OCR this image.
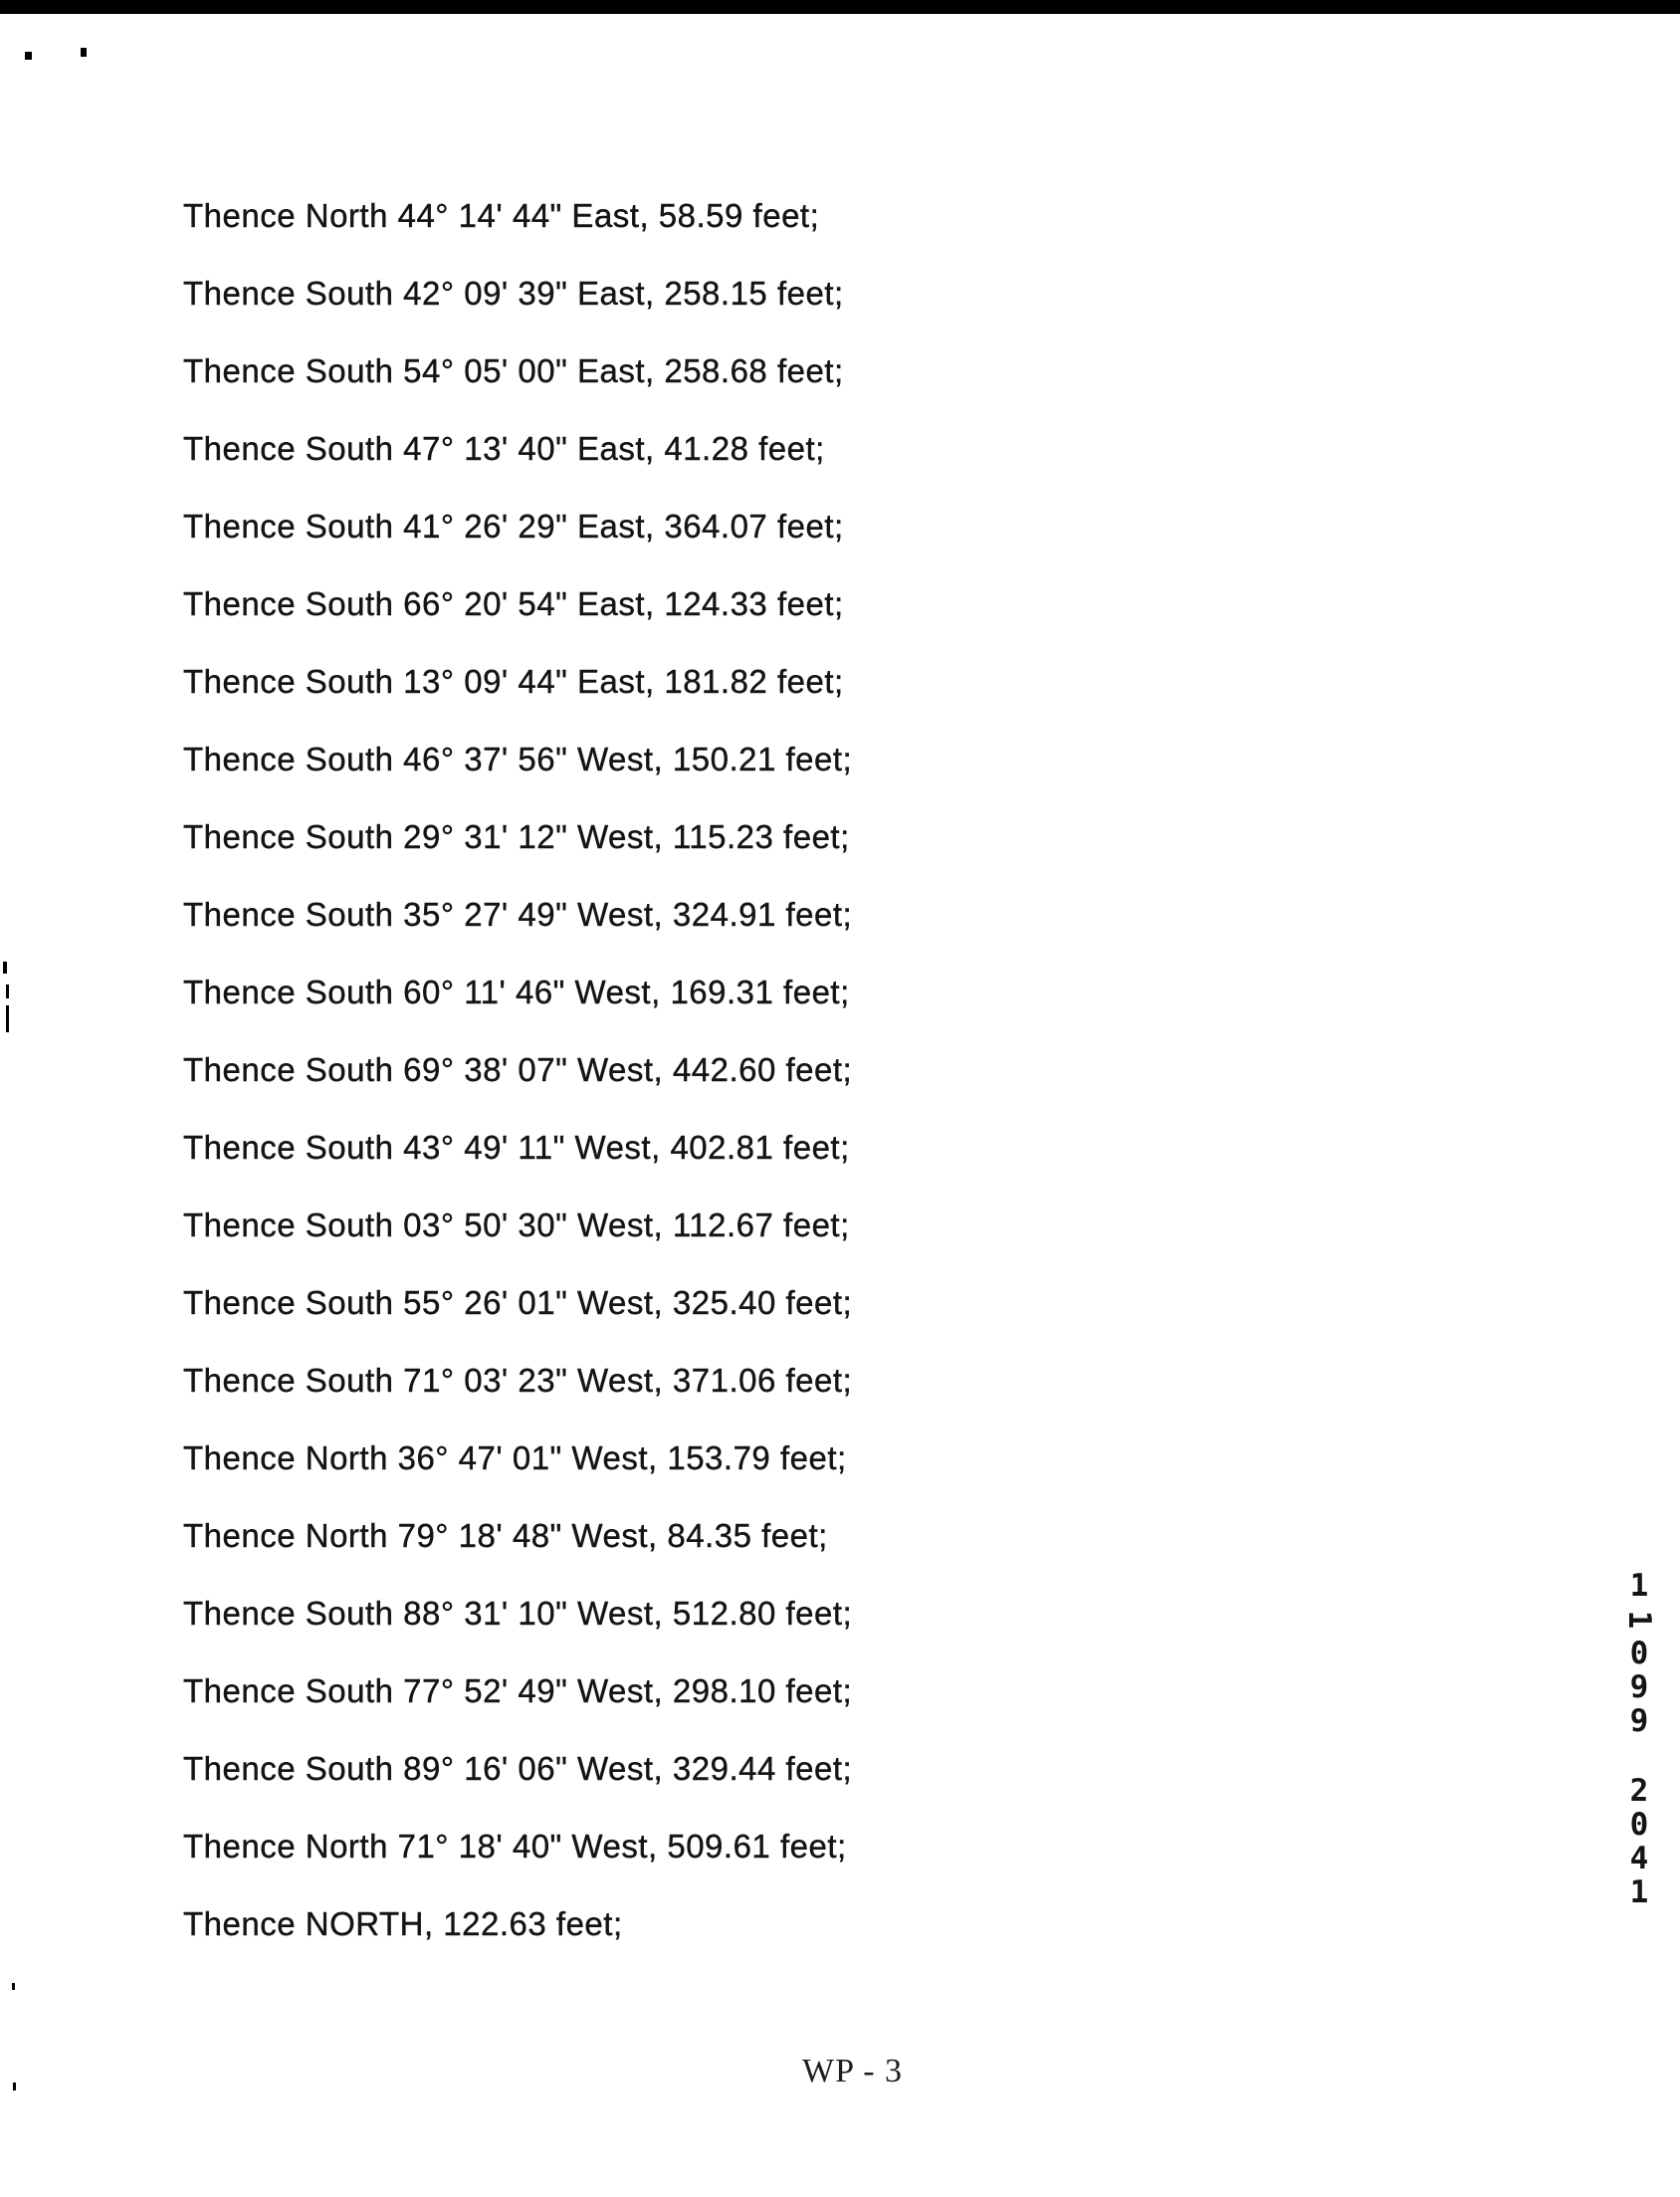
Thence North 44° 14' 44" East, 58.59 feet;

Thence South 42° 09' 39" East, 258.15 feet;

Thence South 54° 05' 00" East, 258.68 feet;

Thence South 47° 13' 40" East, 41.28 feet;

Thence South 41° 26' 29" East, 364.07 feet;

Thence South 66° 20' 54" East, 124.33 feet;

Thence South 13° 09' 44" East, 181.82 feet;

Thence South 46° 37' 56" West, 150.21 feet;

Thence South 29° 31' 12" West, 115.23 feet;

Thence South 35° 27' 49" West, 324.91 feet;

Thence South 60° 11' 46" West, 169.31 feet;

Thence South 69° 38' 07" West, 442.60 feet;

Thence South 43° 49' 11" West, 402.81 feet;

Thence South 03° 50' 30" West, 112.67 feet;

Thence South 55° 26' 01" West, 325.40 feet;

Thence South 71° 03' 23" West, 371.06 feet;

Thence North 36° 47' 01" West, 153.79 feet;

Thence North 79° 18' 48" West, 84.35 feet;

Thence South 88° 31' 10" West, 512.80 feet;

Thence South 77° 52' 49" West, 298.10 feet;

Thence South 89° 16' 06" West, 329.44 feet;

Thence North 71° 18' 40" West, 509.61 feet;

Thence NORTH, 122.63 feet;

1
1
0
9
9
2
0
4
1
WP - 3
